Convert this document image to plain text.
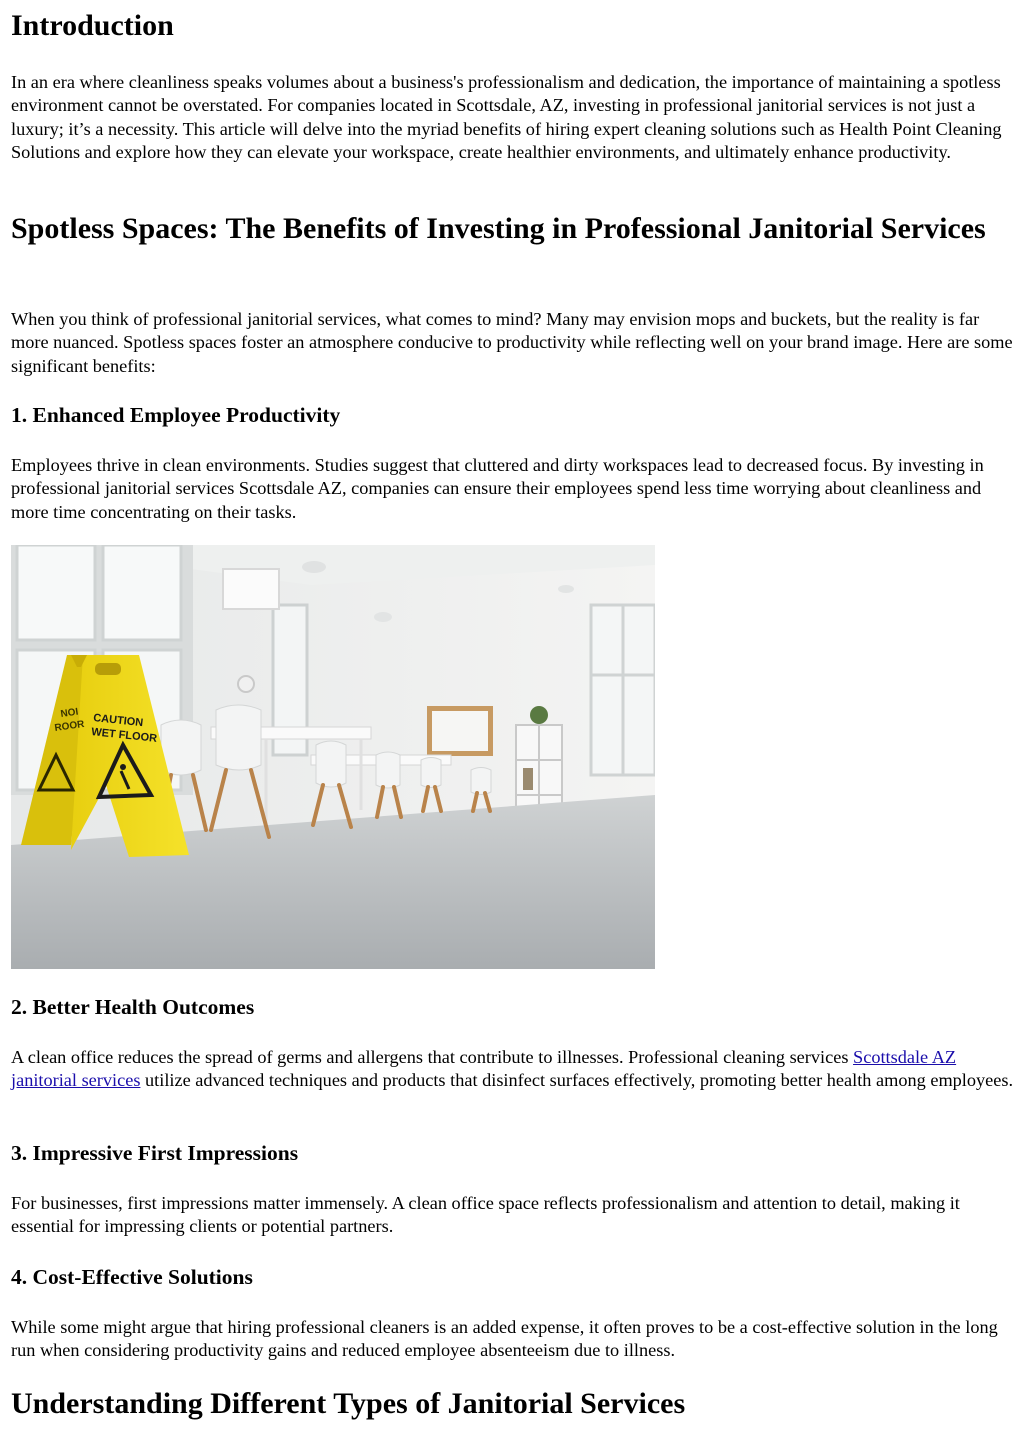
Introduction

In an era where cleanliness speaks volumes about a business's professionalism and dedication, the importance of maintaining a spotless environment cannot be overstated. For companies located in Scottsdale, AZ, investing in professional janitorial services is not just a luxury; it’s a necessity. This article will delve into the myriad benefits of hiring expert cleaning solutions such as Health Point Cleaning Solutions and explore how they can elevate your workspace, create healthier environments, and ultimately enhance productivity.

Spotless Spaces: The Benefits of Investing in Professional Janitorial Services

When you think of professional janitorial services, what comes to mind? Many may envision mops and buckets, but the reality is far more nuanced. Spotless spaces foster an atmosphere conducive to productivity while reflecting well on your brand image. Here are some significant benefits:

1. Enhanced Employee Productivity

Employees thrive in clean environments. Studies suggest that cluttered and dirty workspaces lead to decreased focus. By investing in professional janitorial services Scottsdale AZ, companies can ensure their employees spend less time worrying about cleanliness and more time concentrating on their tasks.

CAUTION
WET FLOOR
NOI
ROOR
2. Better Health Outcomes

A clean office reduces the spread of germs and allergens that contribute to illnesses. Professional cleaning services Scottsdale AZ janitorial services utilize advanced techniques and products that disinfect surfaces effectively, promoting better health among employees.

3. Impressive First Impressions

For businesses, first impressions matter immensely. A clean office space reflects professionalism and attention to detail, making it essential for impressing clients or potential partners.

4. Cost-Effective Solutions

While some might argue that hiring professional cleaners is an added expense, it often proves to be a cost-effective solution in the long run when considering productivity gains and reduced employee absenteeism due to illness.

Understanding Different Types of Janitorial Services
